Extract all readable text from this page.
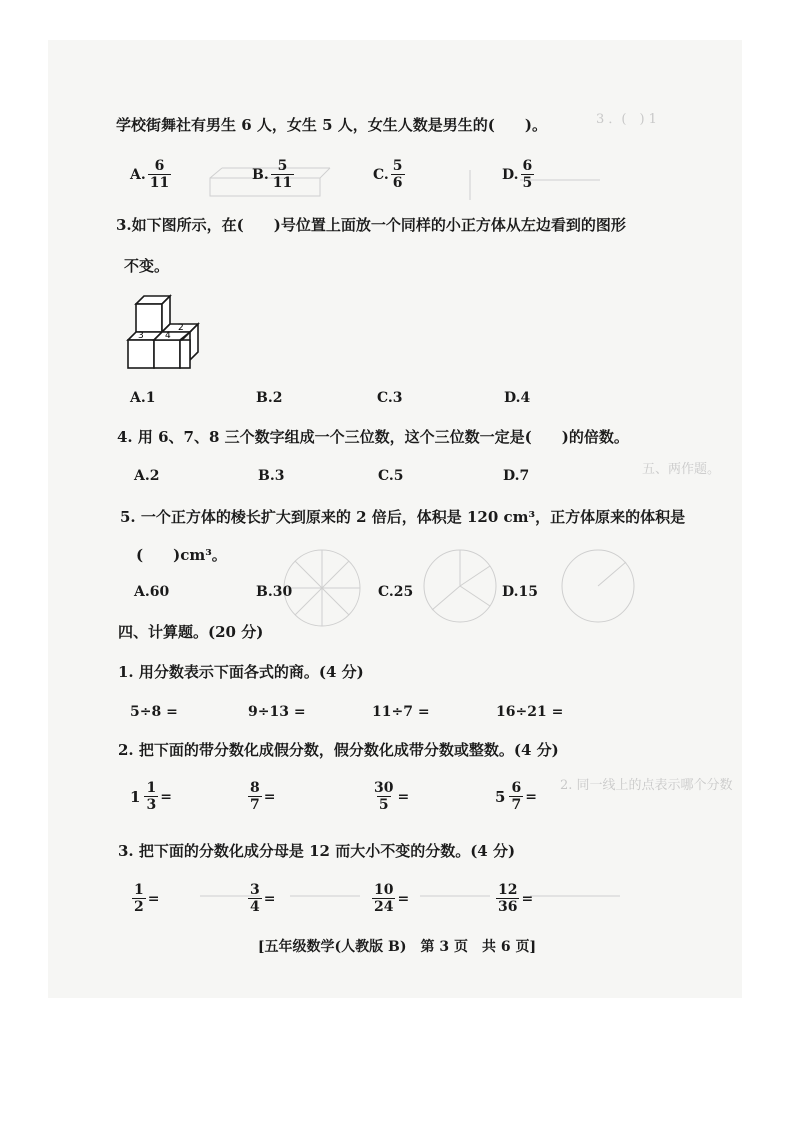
3 ．(　) 1
五、两作题。
2. 同一线上的点表示哪个分数
学校街舞社有男生 6 人，女生 5 人，女生人数是男生的(　　)。
A. $\frac{6}{11}$	B. $\frac{5}{11}$	C. $\frac{5}{6}$	D. $\frac{6}{5}$
3.如下图所示，在(　　)号位置上面放一个同样的小正方体从左边看到的图形
不变。
3 4
2
A.1	B.2	C.3	D.4
4. 用 6、7、8 三个数字组成一个三位数，这个三位数一定是(　　)的倍数。
A.2	B.3	C.5	D.7
5. 一个正方体的棱长扩大到原来的 2 倍后，体积是 120 cm³，正方体原来的体积是
(　　)cm³。
A.60	B.30	C.25	D.15
四、计算题。(20 分)
1. 用分数表示下面各式的商。(4 分)
5÷8 =	9÷13 =	11÷7 =	16÷21 =
2. 把下面的带分数化成假分数，假分数化成带分数或整数。(4 分)
$1 \frac{1}{3}$ =	$\frac{8}{7}$ =	$\frac{30}{5}$ =	$5 \frac{6}{7}$ =
3. 把下面的分数化成分母是 12 而大小不变的分数。(4 分)
$\frac{1}{2}$ =	$\frac{3}{4}$ =	$\frac{10}{24}$ =	$\frac{12}{36}$ =
[五年级数学(人教版 B)　第 3 页　共 6 页]
